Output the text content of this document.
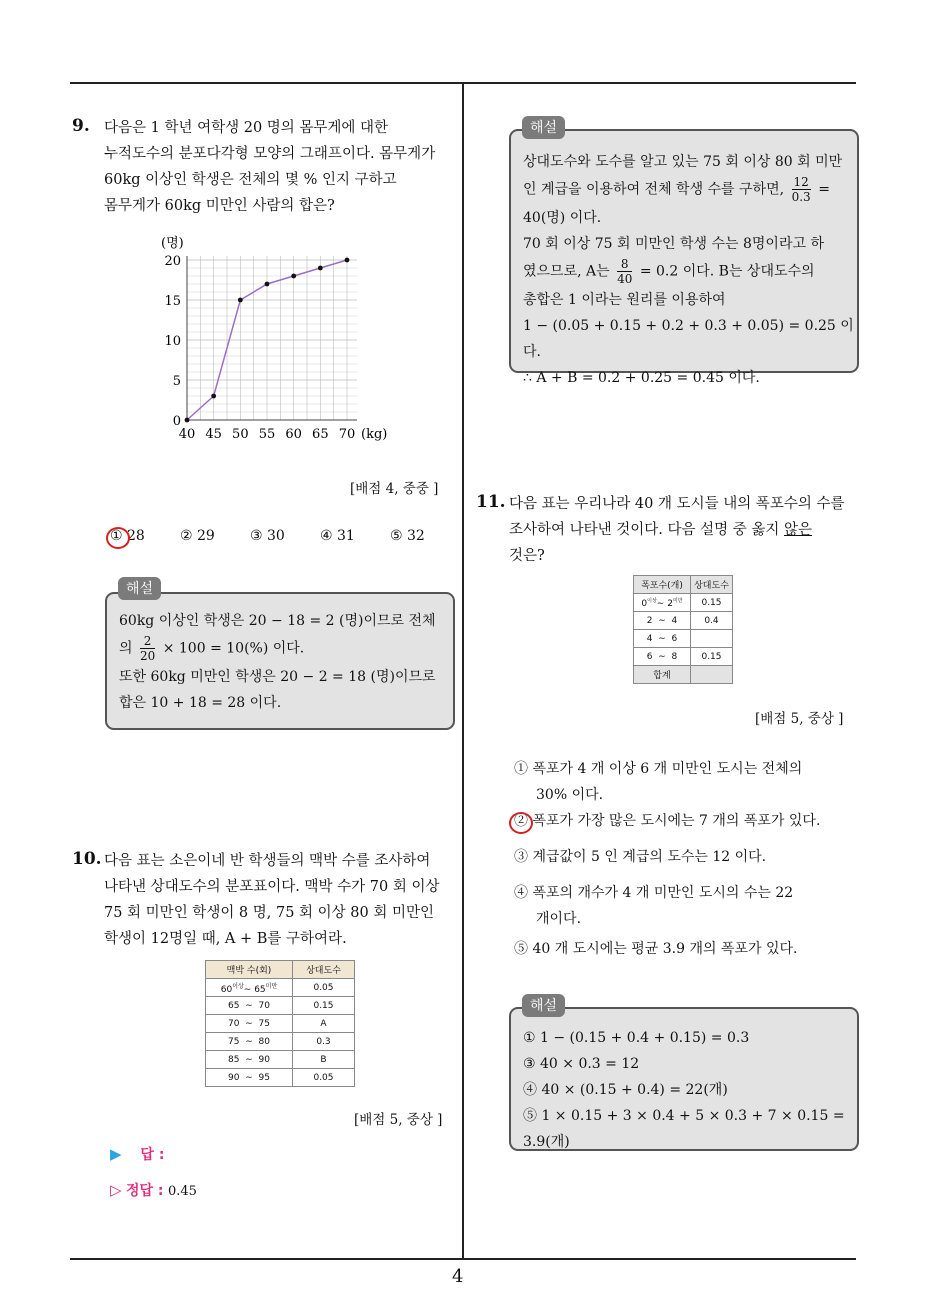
4
9. 다음은 1 학년 여학생 20 명의 몸무게에 대한
누적도수의 분포다각형 모양의 그래프이다. 몸무게가
60kg 이상인 학생은 전체의 몇 % 인지 구하고
몸무게가 60kg 미만인 사람의 합은?
(명)
0
5
10
15
20
40 45 50 55 60 65 70 (kg)
[배점 4, 중중 ]
① 28	② 29	③ 30	④ 31	⑤ 32
60kg 이상인 학생은 20 − 18 = 2 (명)이므로 전체
의 $\frac{2}{20} \times 100 = 10(\%)$ 이다.
또한 60kg 미만인 학생은 20 − 2 = 18 (명)이므로
합은 10 + 18 = 28 이다.
해설
10. 다음 표는 소은이네 반 학생들의 맥박 수를 조사하여
나타낸 상대도수의 분포표이다. 맥박 수가 70 회 이상
75 회 미만인 학생이 8 명, 75 회 이상 80 회 미만인
학생이 12명일 때, A + B를 구하여라.
맥박 수(회)	상대도수
$60^{이상}\sim$ $65^{미만}$	0.05
65  ∼  70	0.15
70  ∼  75	A
75  ∼  80	0.3
85  ∼  90	B
90  ∼  95	0.05
[배점 5, 중상 ]
▶ 답 :
▷ 정답 : 0.45
상대도수와 도수를 알고 있는 75 회 이상 80 회 미만
인 계급을 이용하여 전체 학생 수를 구하면, $\frac{12}{0.3}$ =
40(명) 이다.
70 회 이상 75 회 미만인 학생 수는 8명이라고 하
였으므로, A는 $\frac{8}{40} = 0.2$ 이다. B는 상대도수의
총합은 1 이라는 원리를 이용하여
1 − (0.05 + 0.15 + 0.2 + 0.3 + 0.05) = 0.25 이다.
∴ A + B = 0.2 + 0.25 = 0.45 이다.
해설
11. 다음 표는 우리나라 40 개 도시들 내의 폭포수의 수를
조사하여 나타낸 것이다. 다음 설명 중 옳지 않은
것은?
폭포수(개)	상대도수
$0^{이상}\sim$ $2^{미만}$	0.15
2  ∼  4	0.4
4  ∼  6	
6  ∼  8	0.15
합계	
[배점 5, 중상 ]
① 폭포가 4 개 이상 6 개 미만인 도시는 전체의
30% 이다.
② 폭포가 가장 많은 도시에는 7 개의 폭포가 있다.
③ 계급값이 5 인 계급의 도수는 12 이다.
④ 폭포의 개수가 4 개 미만인 도시의 수는 22
개이다.
⑤ 40 개 도시에는 평균 3.9 개의 폭포가 있다.
① 1 − (0.15 + 0.4 + 0.15) = 0.3
③ 40 × 0.3 = 12
④ 40 × (0.15 + 0.4) = 22(개)
⑤ 1 × 0.15 + 3 × 0.4 + 5 × 0.3 + 7 × 0.15 = 3.9(개)
해설
